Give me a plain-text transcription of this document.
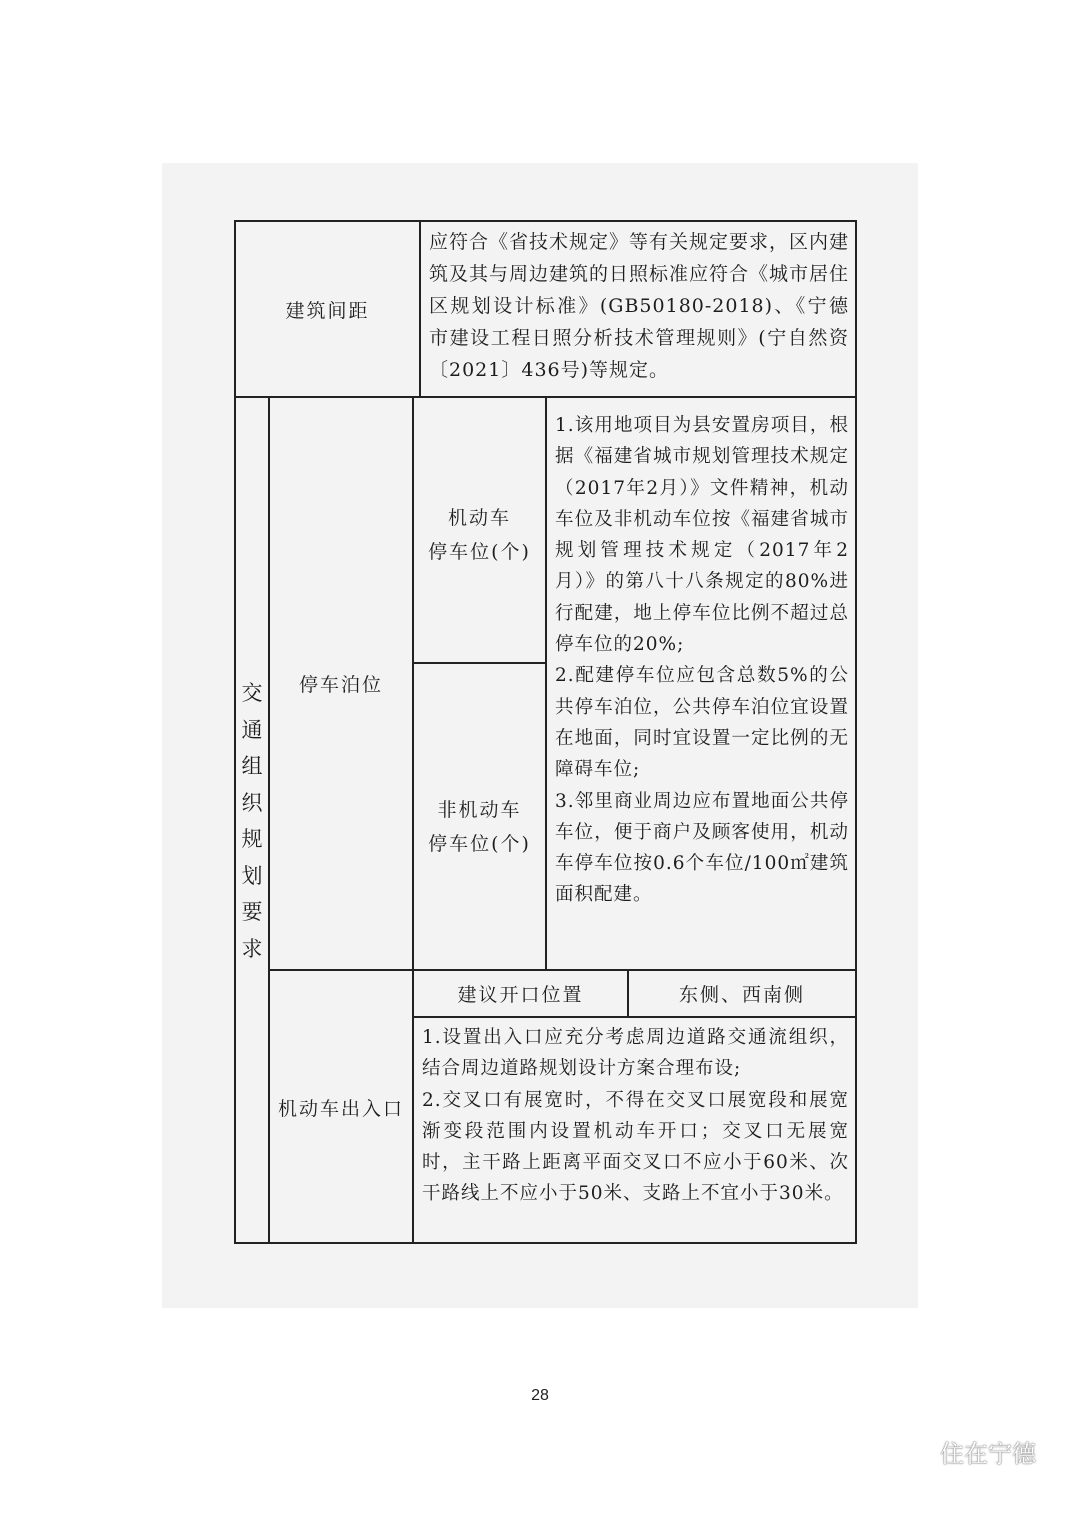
建筑间距
应符合《省技术规定》等有关规定要求，区内建筑及其与周边建筑的日照标准应符合《城市居住区规划设计标准》(GB50180-2018)、《宁德市建设工程日照分析技术管理规则》(宁自然资〔2021〕436号)等规定。
交
通
组
织
规
划
要
求
停车泊位
机动车
停车位(个)
非机动车
停车位(个)
1.该用地项目为县安置房项目，根据《福建省城市规划管理技术规定（2017年2月）》文件精神，机动车位及非机动车位按《福建省城市规划管理技术规定（2017年2月）》的第八十八条规定的80%进行配建，地上停车位比例不超过总停车位的20%;
2.配建停车位应包含总数5%的公共停车泊位，公共停车泊位宜设置在地面，同时宜设置一定比例的无障碍车位;
3.邻里商业周边应布置地面公共停车位，便于商户及顾客使用，机动车停车位按0.6个车位/100㎡建筑面积配建。
机动车出入口
建议开口位置	东侧、西南侧
1.设置出入口应充分考虑周边道路交通流组织，结合周边道路规划设计方案合理布设;
2.交叉口有展宽时，不得在交叉口展宽段和展宽渐变段范围内设置机动车开口；交叉口无展宽时，主干路上距离平面交叉口不应小于60米、次干路线上不应小于50米、支路上不宜小于30米。
28
住在宁德
